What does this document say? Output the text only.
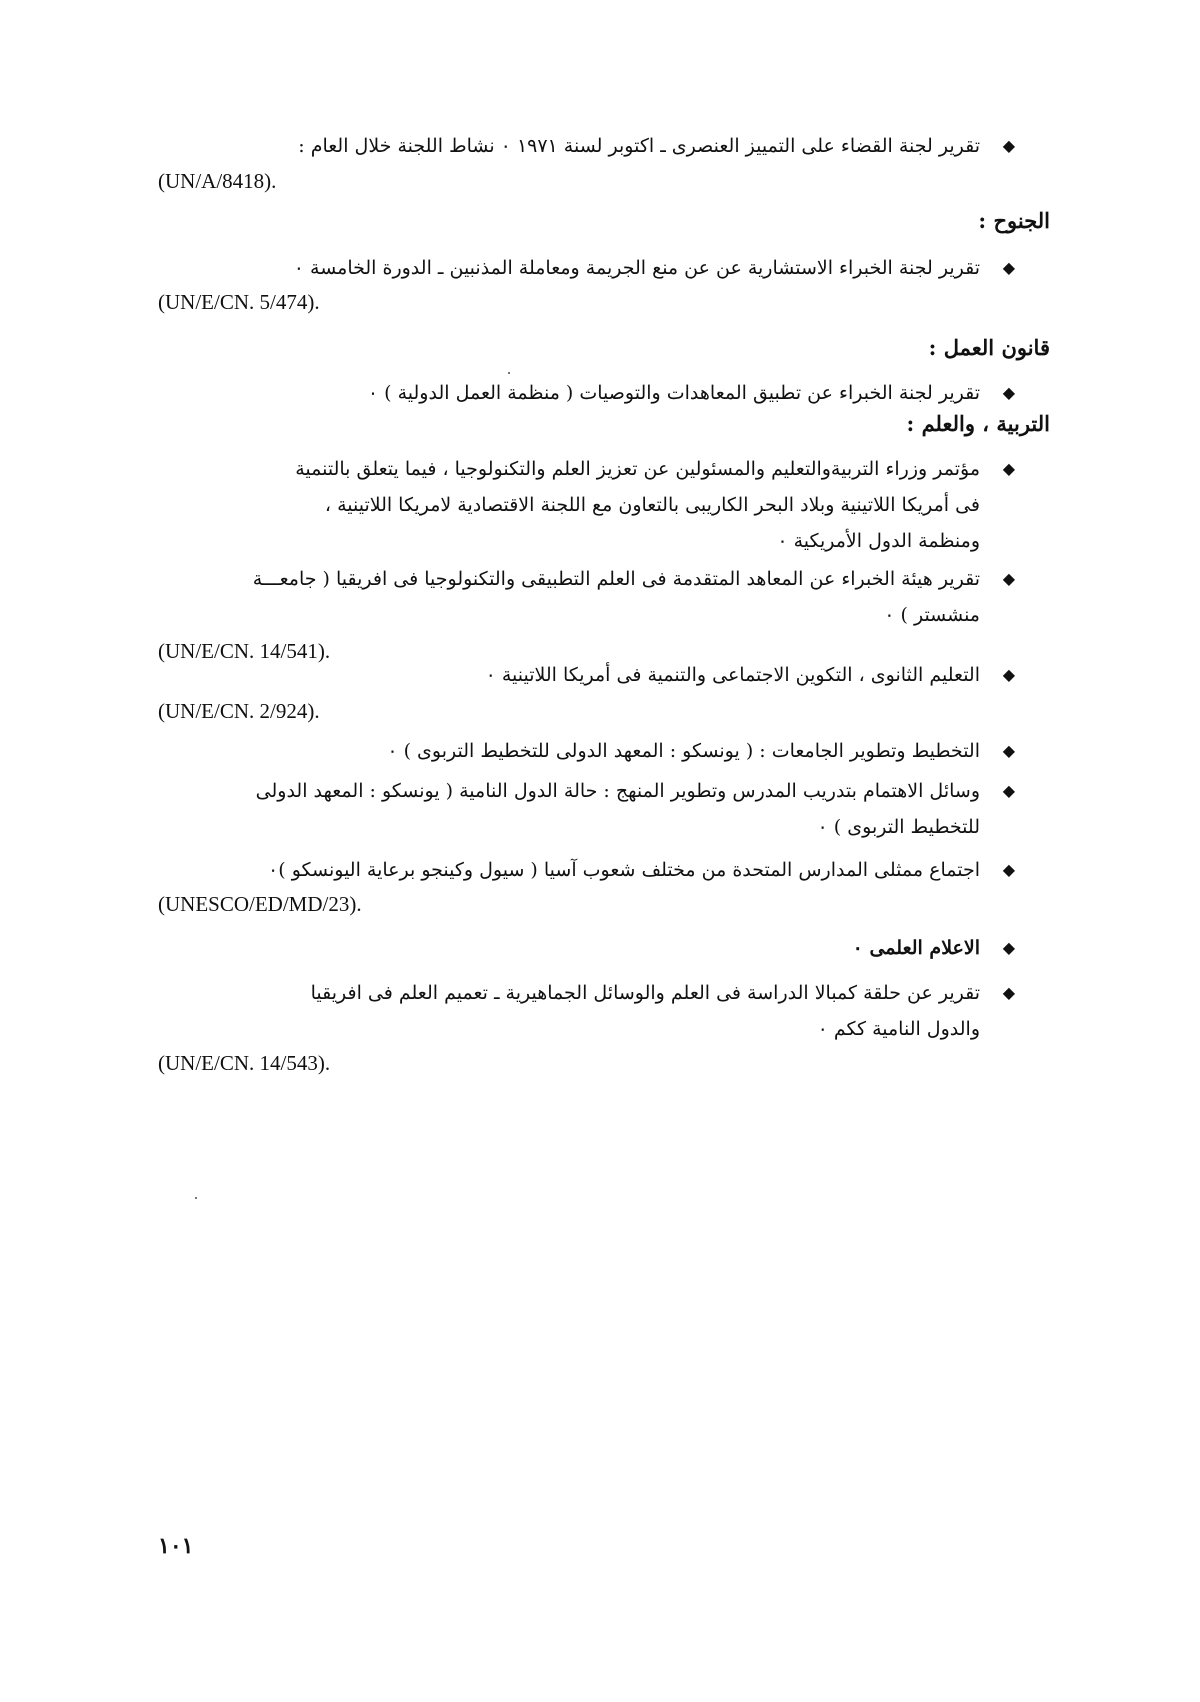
◆
تقرير لجنة القضاء على التمييز العنصرى ـ اكتوبر لسنة ١٩٧١ ٠ نشاط اللجنة خلال العام :
(UN/A/8418).
الجنوح :
◆
تقرير لجنة الخبراء الاستشارية عن عن منع الجريمة ومعاملة المذنبين ـ الدورة الخامسة ٠
(UN/E/CN. 5/474).
قانون العمل :
◆
تقرير لجنة الخبراء عن تطبيق المعاهدات والتوصيات ( منظمة العمل الدولية ) ٠
التربية ، والعلم :
◆
مؤتمر وزراء التربيةوالتعليم والمسئولين عن تعزيز العلم والتكنولوجيا ، فيما يتعلق بالتنمية
فى أمريكا اللاتينية وبلاد البحر الكاريبى بالتعاون مع اللجنة الاقتصادية لامريكا اللاتينية ،
ومنظمة الدول الأمريكية ٠
◆
تقرير هيئة الخبراء عن المعاهد المتقدمة فى العلم التطبيقى والتكنولوجيا فى افريقيا ( جامعـــة
منشستر ) ٠
(UN/E/CN. 14/541).
◆
التعليم الثانوى ، التكوين الاجتماعى والتنمية فى أمريكا اللاتينية ٠
(UN/E/CN. 2/924).
◆
التخطيط وتطوير الجامعات : ( يونسكو : المعهد الدولى للتخطيط التربوى ) ٠
◆
وسائل الاهتمام بتدريب المدرس وتطوير المنهج : حالة الدول النامية ( يونسكو : المعهد الدولى
للتخطيط التربوى ) ٠
◆
اجتماع ممثلى المدارس المتحدة من مختلف شعوب آسيا ( سيول وكينجو برعاية اليونسكو )٠
(UNESCO/ED/MD/23).
◆
الاعلام العلمى ٠
◆
تقرير عن حلقة كمبالا الدراسة فى العلم والوسائل الجماهيرية ـ تعميم العلم فى افريقيا
والدول النامية ككم ٠
(UN/E/CN. 14/543).
١٠١
